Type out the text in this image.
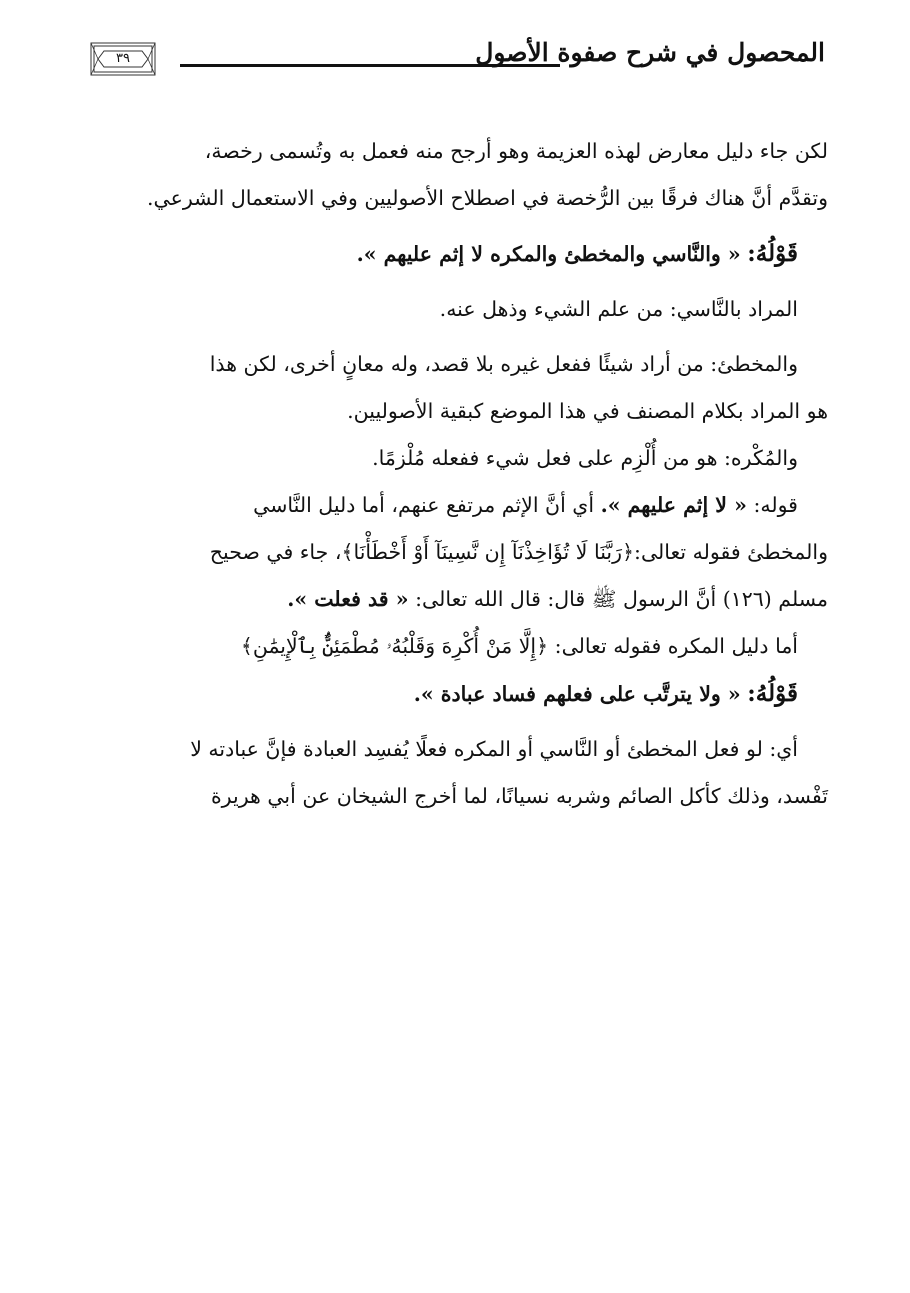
المحصول في شرح صفوة الأصول
٣٩

لكن جاء دليل معارض لهذه العزيمة وهو أرجح منه فعمل به وتُسمى رخصة،

وتقدَّم أنَّ هناك فرقًا بين الرُّخصة في اصطلاح الأصوليين وفي الاستعمال الشرعي.

قَوْلُهُ: « والنَّاسي والمخطئ والمكره لا إثم عليهم ».

المراد بالنَّاسي: من علم الشيء وذهل عنه.

والمخطئ: من أراد شيئًا ففعل غيره بلا قصد، وله معانٍ أخرى، لكن هذا

هو المراد بكلام المصنف في هذا الموضع كبقية الأصوليين.

والمُكْره: هو من أُلْزِم على فعل شيء ففعله مُلْزمًا.

قوله: « لا إثم عليهم ». أي أنَّ الإثم مرتفع عنهم، أما دليل النَّاسي

والمخطئ فقوله تعالى:﴿رَبَّنَا لَا تُؤَاخِذْنَآ إِن نَّسِينَآ أَوْ أَخْطَأْنَا﴾، جاء في صحيح

مسلم (١٢٦) أنَّ الرسول ﷺ قال: قال الله تعالى: « قد فعلت ».

أما دليل المكره فقوله تعالى: ﴿إِلَّا مَنْ أُكْرِهَ وَقَلْبُهُۥ مُطْمَئِنٌّۢ بِٱلْإِيمَٰنِ﴾

قَوْلُهُ: « ولا يترتَّب على فعلهم فساد عبادة ».

أي: لو فعل المخطئ أو النَّاسي أو المكره فعلًا يُفسِد العبادة فإنَّ عبادته لا

تَفْسد، وذلك كأكل الصائم وشربه نسيانًا، لما أخرج الشيخان عن أبي هريرة
